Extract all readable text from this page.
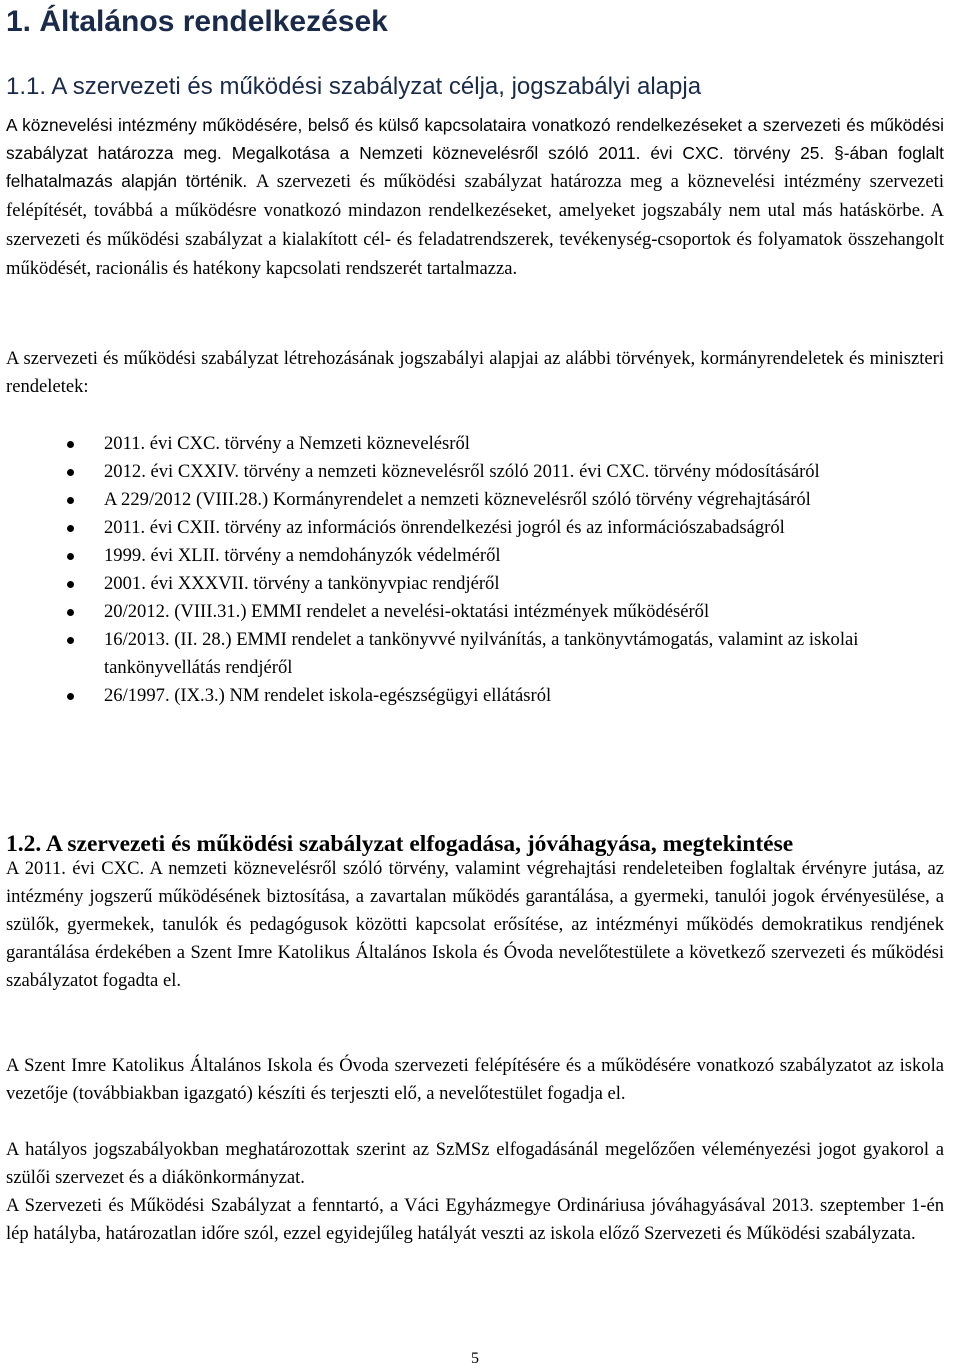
1. Általános rendelkezések
1.1. A szervezeti és működési szabályzat célja, jogszabályi alapja

A köznevelési intézmény működésére, belső és külső kapcsolataira vonatkozó rendelkezéseket a szervezeti és működési szabályzat határozza meg. Megalkotása a Nemzeti köznevelésről szóló 2011. évi CXC. törvény 25. §-ában foglalt felhatalmazás alapján történik. A szervezeti és működési szabályzat határozza meg a köznevelési intézmény szervezeti felépítését, továbbá a működésre vonatkozó mindazon rendelkezéseket, amelyeket jogszabály nem utal más hatáskörbe. A szervezeti és működési szabályzat a kialakított cél- és feladatrendszerek, tevékenység-csoportok és folyamatok összehangolt működését, racionális és hatékony kapcsolati rendszerét tartalmazza.

A szervezeti és működési szabályzat létrehozásának jogszabályi alapjai az alábbi törvények, kormányrendeletek és miniszteri rendeletek:

2011. évi CXC. törvény a Nemzeti köznevelésről
2012. évi CXXIV. törvény a nemzeti köznevelésről szóló 2011. évi CXC. törvény módosításáról
A 229/2012 (VIII.28.) Kormányrendelet a nemzeti köznevelésről szóló törvény végrehajtásáról
2011. évi CXII. törvény az információs önrendelkezési jogról és az információszabadságról
1999. évi XLII. törvény a nemdohányzók védelméről
2001. évi XXXVII. törvény a tankönyvpiac rendjéről
20/2012. (VIII.31.) EMMI rendelet a nevelési-oktatási intézmények működéséről
16/2013. (II. 28.) EMMI rendelet a tankönyvvé nyilvánítás, a tankönyvtámogatás, valamint az iskolai tankönyvellátás rendjéről
26/1997. (IX.3.) NM rendelet iskola-egészségügyi ellátásról
1.2. A szervezeti és működési szabályzat elfogadása, jóváhagyása, megtekintése

A 2011. évi CXC. A nemzeti köznevelésről szóló törvény, valamint végrehajtási rendeleteiben foglaltak érvényre jutása, az intézmény jogszerű működésének biztosítása, a zavartalan működés garantálása, a gyermeki, tanulói jogok érvényesülése, a szülők, gyermekek, tanulók és pedagógusok közötti kapcsolat erősítése, az intézményi működés demokratikus rendjének garantálása érdekében a Szent Imre Katolikus Általános Iskola és Óvoda nevelőtestülete a következő szervezeti és működési szabályzatot fogadta el.

A Szent Imre Katolikus Általános Iskola és Óvoda szervezeti felépítésére és a működésére vonatkozó szabályzatot az iskola vezetője (továbbiakban igazgató) készíti és terjeszti elő, a nevelőtestület fogadja el.

A hatályos jogszabályokban meghatározottak szerint az SzMSz elfogadásánál megelőzően véleményezési jogot gyakorol a szülői szervezet és a diákönkormányzat.

A Szervezeti és Működési Szabályzat a fenntartó, a Váci Egyházmegye Ordináriusa jóváhagyásával 2013. szeptember 1-én lép hatályba, határozatlan időre szól, ezzel egyidejűleg hatályát veszti az iskola előző Szervezeti és Működési szabályzata.

5
